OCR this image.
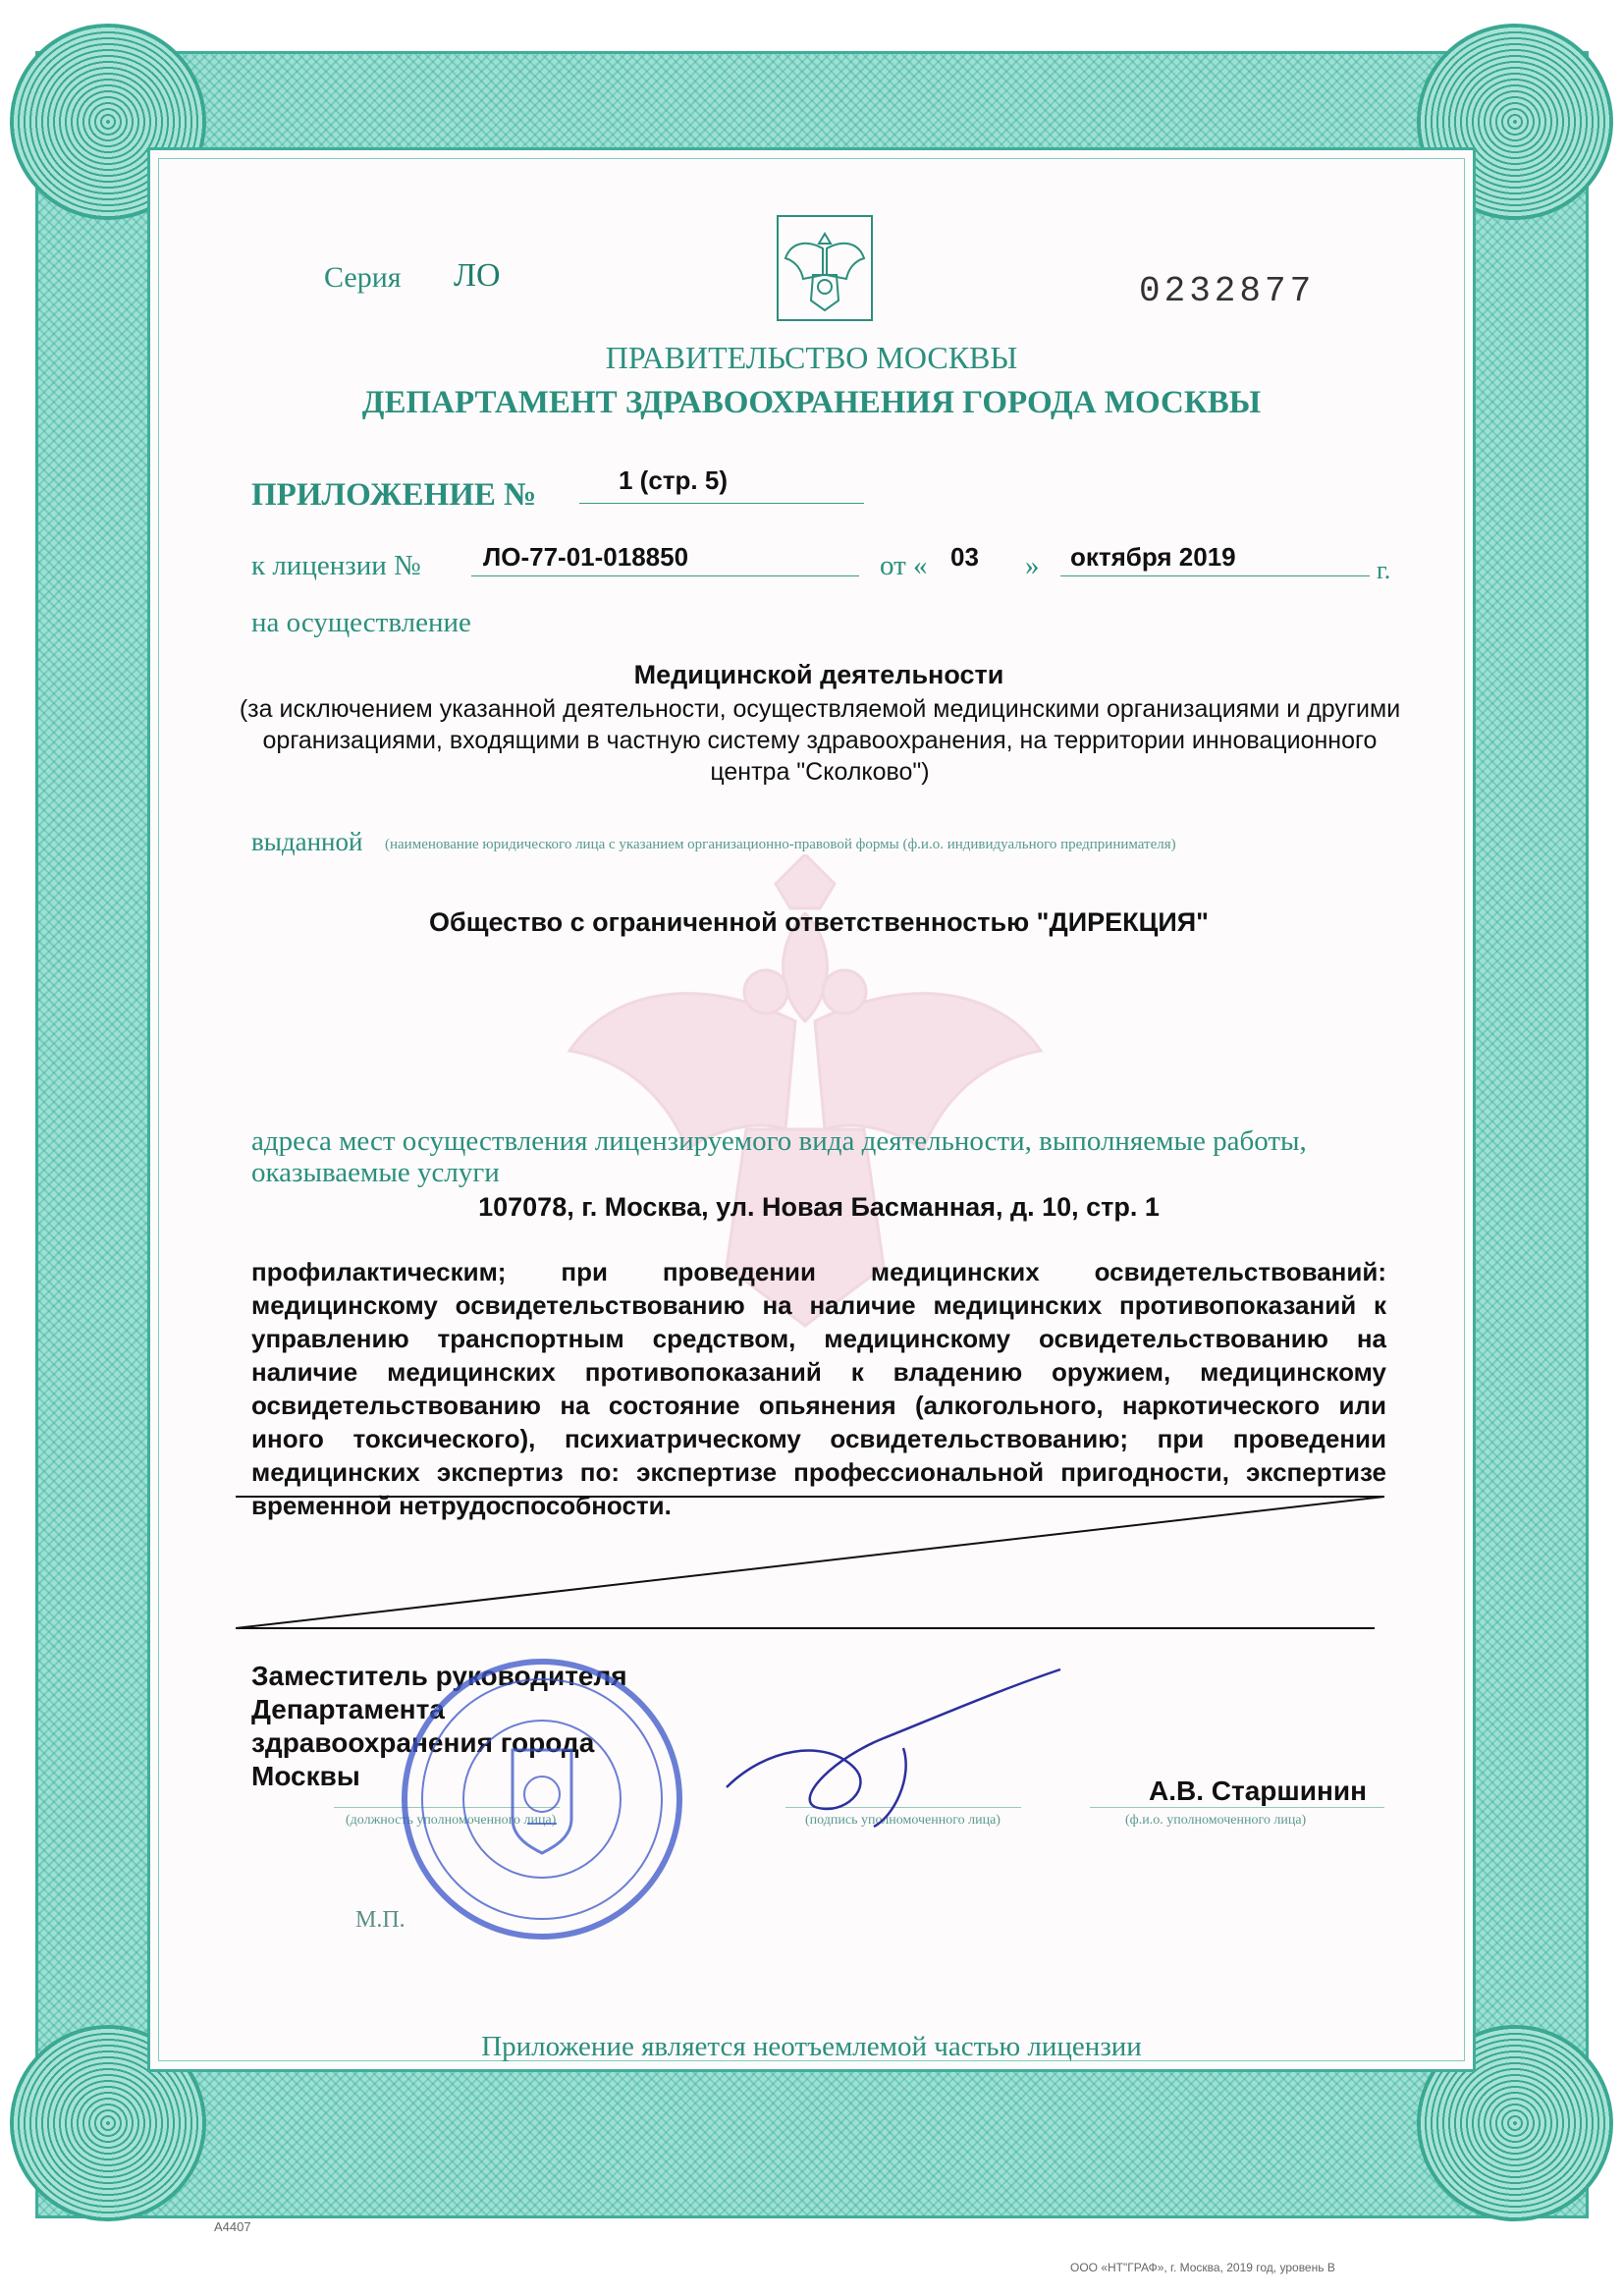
Серия ЛО	0232877
ПРАВИТЕЛЬСТВО МОСКВЫ
ДЕПАРТАМЕНТ ЗДРАВООХРАНЕНИЯ ГОРОДА МОСКВЫ
ПРИЛОЖЕНИЕ №	1 (стр. 5)
к лицензии № ЛО-77-01-018850	от « 03 » октября 2019	г.
на осуществление
Медицинской деятельности
(за исключением указанной деятельности, осуществляемой медицинскими организациями и другими организациями, входящими в частную систему здравоохранения, на территории инновационного центра "Сколково")
выданной (наименование юридического лица с указанием организационно-правовой формы (ф.и.о. индивидуального предпринимателя)
Общество с ограниченной ответственностью "ДИРЕКЦИЯ"
адреса мест осуществления лицензируемого вида деятельности, выполняемые работы, оказываемые услуги
107078, г. Москва, ул. Новая Басманная, д. 10, стр. 1
профилактическим; при проведении медицинских освидетельствований: медицинскому освидетельствованию на наличие медицинских противопоказаний к управлению транспортным средством, медицинскому освидетельствованию на наличие медицинских противопоказаний к владению оружием, медицинскому освидетельствованию на состояние опьянения (алкогольного, наркотического или иного токсического), психиатрическому освидетельствованию; при проведении медицинских экспертиз по: экспертизе профессиональной пригодности, экспертизе временной нетрудоспособности.
Заместитель руководителя
Департамента
здравоохранения города
Москвы	А.В. Старшинин
(должность уполномоченного лица)	(подпись уполномоченного лица)	(ф.и.о. уполномоченного лица)
М.П.
Приложение является неотъемлемой частью лицензии
А4407
ООО «НТ"ГРАФ», г. Москва, 2019 год, уровень В
